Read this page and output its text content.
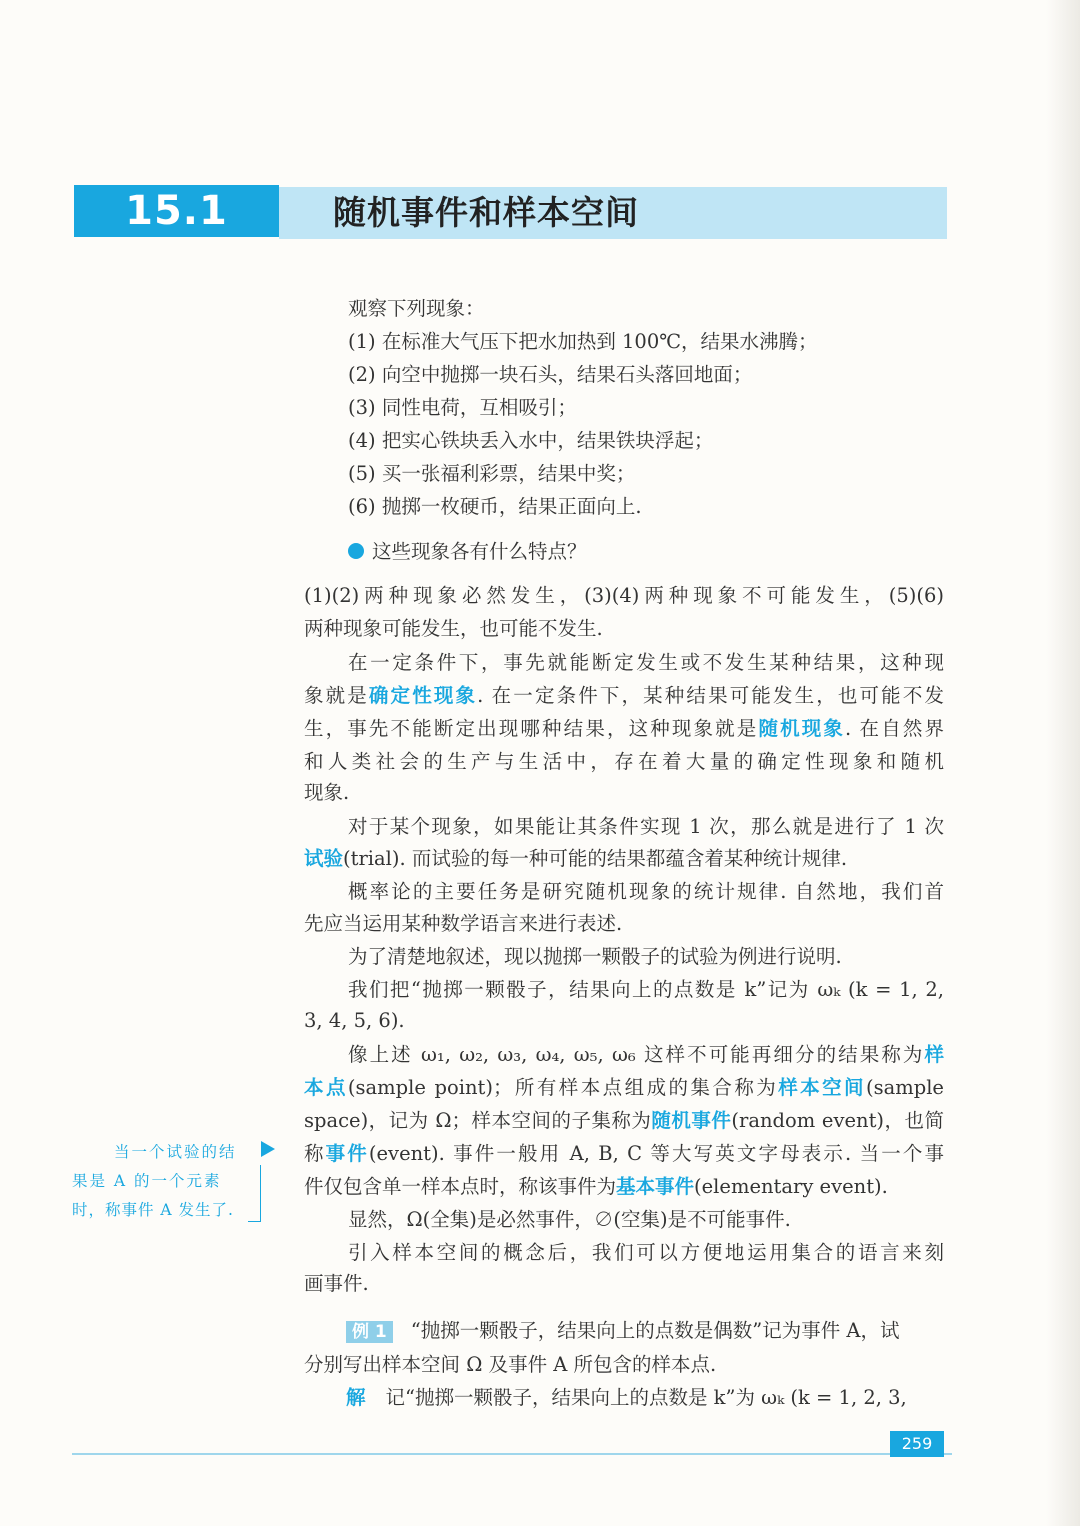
15.1	随机事件和样本空间
观察下列现象：
(1) 在标准大气压下把水加热到 100℃，结果水沸腾；
(2) 向空中抛掷一块石头，结果石头落回地面；
(3) 同性电荷，互相吸引；
(4) 把实心铁块丢入水中，结果铁块浮起；
(5) 买一张福利彩票，结果中奖；
(6) 抛掷一枚硬币，结果正面向上.
这些现象各有什么特点？
(1)(2)两种现象必然发生，(3)(4)两种现象不可能发生，(5)(6)
两种现象可能发生，也可能不发生.
在一定条件下，事先就能断定发生或不发生某种结果，这种现
象就是确定性现象. 在一定条件下，某种结果可能发生，也可能不发
生，事先不能断定出现哪种结果，这种现象就是随机现象. 在自然界
和人类社会的生产与生活中，存在着大量的确定性现象和随机
现象.
对于某个现象，如果能让其条件实现 1 次，那么就是进行了 1 次
试验(trial). 而试验的每一种可能的结果都蕴含着某种统计规律.
概率论的主要任务是研究随机现象的统计规律. 自然地，我们首
先应当运用某种数学语言来进行表述.
为了清楚地叙述，现以抛掷一颗骰子的试验为例进行说明.
我们把“抛掷一颗骰子，结果向上的点数是 k”记为 ωₖ (k = 1, 2,
3, 4, 5, 6).
像上述 ω₁, ω₂, ω₃, ω₄, ω₅, ω₆ 这样不可能再细分的结果称为样
本点(sample point)；所有样本点组成的集合称为样本空间(sample
space)，记为 Ω；样本空间的子集称为随机事件(random event)，也简
称事件(event). 事件一般用 A, B, C 等大写英文字母表示. 当一个事
件仅包含单一样本点时，称该事件为基本事件(elementary event).
显然，Ω(全集)是必然事件，∅(空集)是不可能事件.
引入样本空间的概念后，我们可以方便地运用集合的语言来刻
画事件.
例 1 “抛掷一颗骰子，结果向上的点数是偶数”记为事件 A，试
分别写出样本空间 Ω 及事件 A 所包含的样本点.
解 记“抛掷一颗骰子，结果向上的点数是 k”为 ωₖ (k = 1, 2, 3,
当一个试验的结
果是 A 的一个元素
时，称事件 A 发生了.
259
